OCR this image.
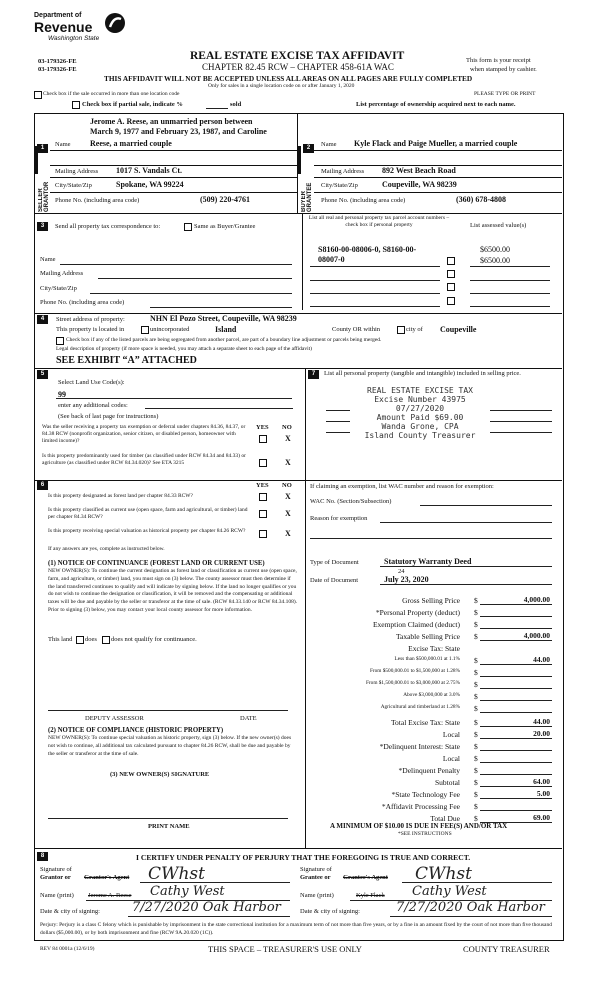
Department of
Revenue
Washington State
03-179326-FE
03-179326-FE
REAL ESTATE EXCISE TAX AFFIDAVIT
CHAPTER 82.45 RCW – CHAPTER 458-61A WAC
This form is your receipt
when stamped by cashier.
THIS AFFIDAVIT WILL NOT BE ACCEPTED UNLESS ALL AREAS ON ALL PAGES ARE FULLY COMPLETED
Only for sales in a single location code on or after January 1, 2020
Check box if the sale occurred in more than one location code	PLEASE TYPE OR PRINT
Check box if partial sale, indicate %	sold	List percentage of ownership acquired next to each name.
1	2
SELLER GRANTOR	BUYER GRANTEE
Jerome A. Reese, an unmarried person between
March 9, 1977 and February 23, 1987, and Caroline
Name Reese, a married couple
Mailing Address 1017 S. Vandals Ct.
City/State/Zip	Spokane, WA 99224
Phone No. (including area code)	(509) 220-4761
Name Kyle Flack and Paige Mueller, a married couple
Mailing Address 892 West Beach Road
City/State/Zip	Coupeville, WA 98239
Phone No. (including area code)	(360) 678-4808
3	Send all property tax correspondence to:	Same as Buyer/Grantee
List all real and personal property tax parcel account numbers – check box if personal property	List assessed value(s)
S8160-00-08006-0, S8160-00-
08007-0
$6500.00
$6500.00
Name
Mailing Address
City/State/Zip
Phone No. (including area code)
4	Street address of property:	NHN El Pozo Street, Coupeville, WA 98239
This property is located in	unincorporated	Island	County OR within	city of Coupeville
Check box if any of the listed parcels are being segregated from another parcel, are part of a boundary line adjustment or parcels being merged.
Legal description of property (if more space is needed, you may attach a separate sheet to each page of the affidavit)
SEE EXHIBIT “A” ATTACHED
5
Select Land Use Code(s):
99
enter any additional codes:
(See back of last page for instructions)
YES NO
Was the seller receiving a property tax exemption or deferral under chapters 84.36, 84.37, or 84.38 RCW (nonprofit organization, senior citizen, or disabled person, homeowner with limited income)?	X
Is this property predominantly used for timber (as classified under RCW 84.34 and 84.33) or agriculture (as classified under RCW 84.34.020)? See ETA 3215	X
6	YES NO
Is this property designated as forest land per chapter 84.33 RCW?	X
Is this property classified as current use (open space, farm and agricultural, or timber) land per chapter 84.34 RCW?	X
Is this property receiving special valuation as historical property per chapter 84.26 RCW?	X
If any answers are yes, complete as instructed below.
(1) NOTICE OF CONTINUANCE (FOREST LAND OR CURRENT USE)
NEW OWNER(S): To continue the current designation as forest land or classification as current use (open space, farm, and agriculture, or timber) land, you must sign on (3) below. The county assessor must then determine if the land transferred continues to qualify and will indicate by signing below. If the land no longer qualifies or you do not wish to continue the designation or classification, it will be removed and the compensating or additional taxes will be due and payable by the seller or transferor at the time of sale. (RCW 84.33.140 or RCW 84.34.108). Prior to signing (3) below, you may contact your local county assessor for more information.
This land does does not qualify for continuance.
DEPUTY ASSESSOR	DATE
(2) NOTICE OF COMPLIANCE (HISTORIC PROPERTY)
NEW OWNER(S): To continue special valuation as historic property, sign (3) below. If the new owner(s) does not wish to continue, all additional tax calculated pursuant to chapter 84.26 RCW, shall be due and payable by the seller or transferor at the time of sale.
(3) NEW OWNER(S) SIGNATURE
PRINT NAME
7	List all personal property (tangible and intangible) included in selling price.
REAL ESTATE EXCISE TAX
Excise Number 43975
07/27/2020
Amount Paid $69.00
Wanda Grone, CPA
Island County Treasurer
If claiming an exemption, list WAC number and reason for exemption:
WAC No. (Section/Subsection)
Reason for exemption
Type of Document	Statutory Warranty Deed
24
Date of Document	July 23, 2020
Gross Selling Price $	4,000.00
*Personal Property (deduct) $
Exemption Claimed (deduct) $
Taxable Selling Price $	4,000.00
Excise Tax: State
Less than $500,000.01 at 1.1% $	44.00
From $500,000.01 to $1,500,000 at 1.28% $
From $1,500,000.01 to $3,000,000 at 2.75% $
Above $3,000,000 at 3.0% $
Agricultural and timberland at 1.28% $
Total Excise Tax: State $	44.00
Local $	20.00
*Delinquent Interest: State $
Local $
*Delinquent Penalty $
Subtotal $	64.00
*State Technology Fee $	5.00
*Affidavit Processing Fee $
Total Due $	69.00
A MINIMUM OF $10.00 IS DUE IN FEE(S) AND/OR TAX
*SEE INSTRUCTIONS
8	I CERTIFY UNDER PENALTY OF PERJURY THAT THE FOREGOING IS TRUE AND CORRECT.
Signature of
Grantor or Grantor's Agent CWhst
Name (print) Jerome A. Reese Cathy West
Date & city of signing: 7/27/2020 Oak Harbor
Signature of
Grantee or Grantee's Agent CWhst
Name (print)	Kyle Flack Cathy West
Date & city of signing:	7/27/2020 Oak Harbor
Perjury: Perjury is a class C felony which is punishable by imprisonment in the state correctional institution for a maximum term of not more than five years, or by a fine in an amount fixed by the court of not more than five thousand dollars ($5,000.00), or by both imprisonment and fine (RCW 9A.20.020 (1C)).
REV 84 0001a (12/6/19)	THIS SPACE – TREASURER'S USE ONLY	COUNTY TREASURER
